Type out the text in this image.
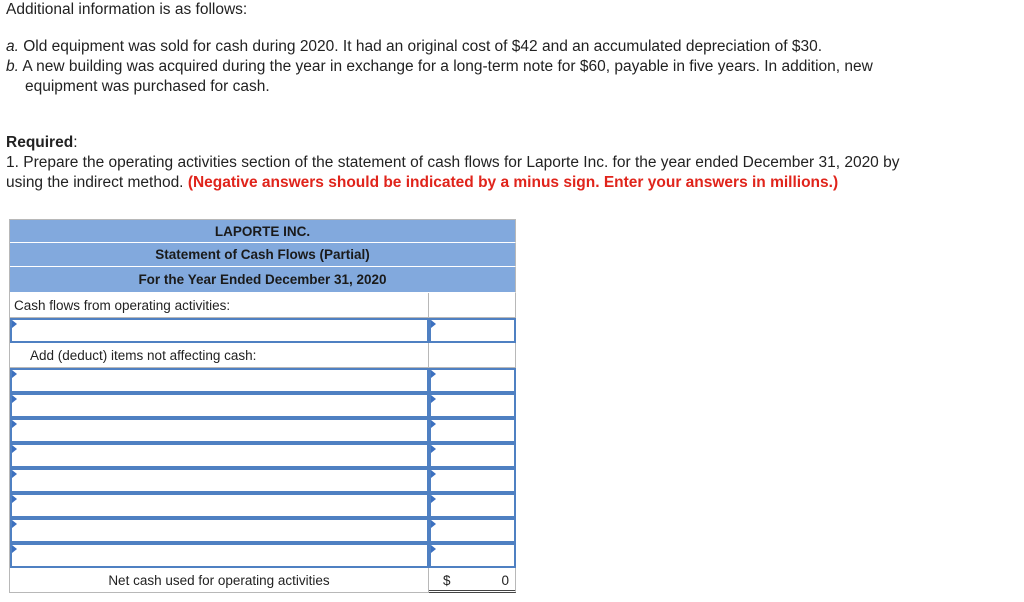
Additional information is as follows:
a. Old equipment was sold for cash during 2020. It had an original cost of $42 and an accumulated depreciation of $30.
b. A new building was acquired during the year in exchange for a long-term note for $60, payable in five years. In addition, new
equipment was purchased for cash.
Required:
1. Prepare the operating activities section of the statement of cash flows for Laporte Inc. for the year ended December 31, 2020 by
using the indirect method. (Negative answers should be indicated by a minus sign. Enter your answers in millions.)
LAPORTE INC.
Statement of Cash Flows (Partial)
For the Year Ended December 31, 2020
Cash flows from operating activities:
Add (deduct) items not affecting cash:
Net cash used for operating activities	$	0
